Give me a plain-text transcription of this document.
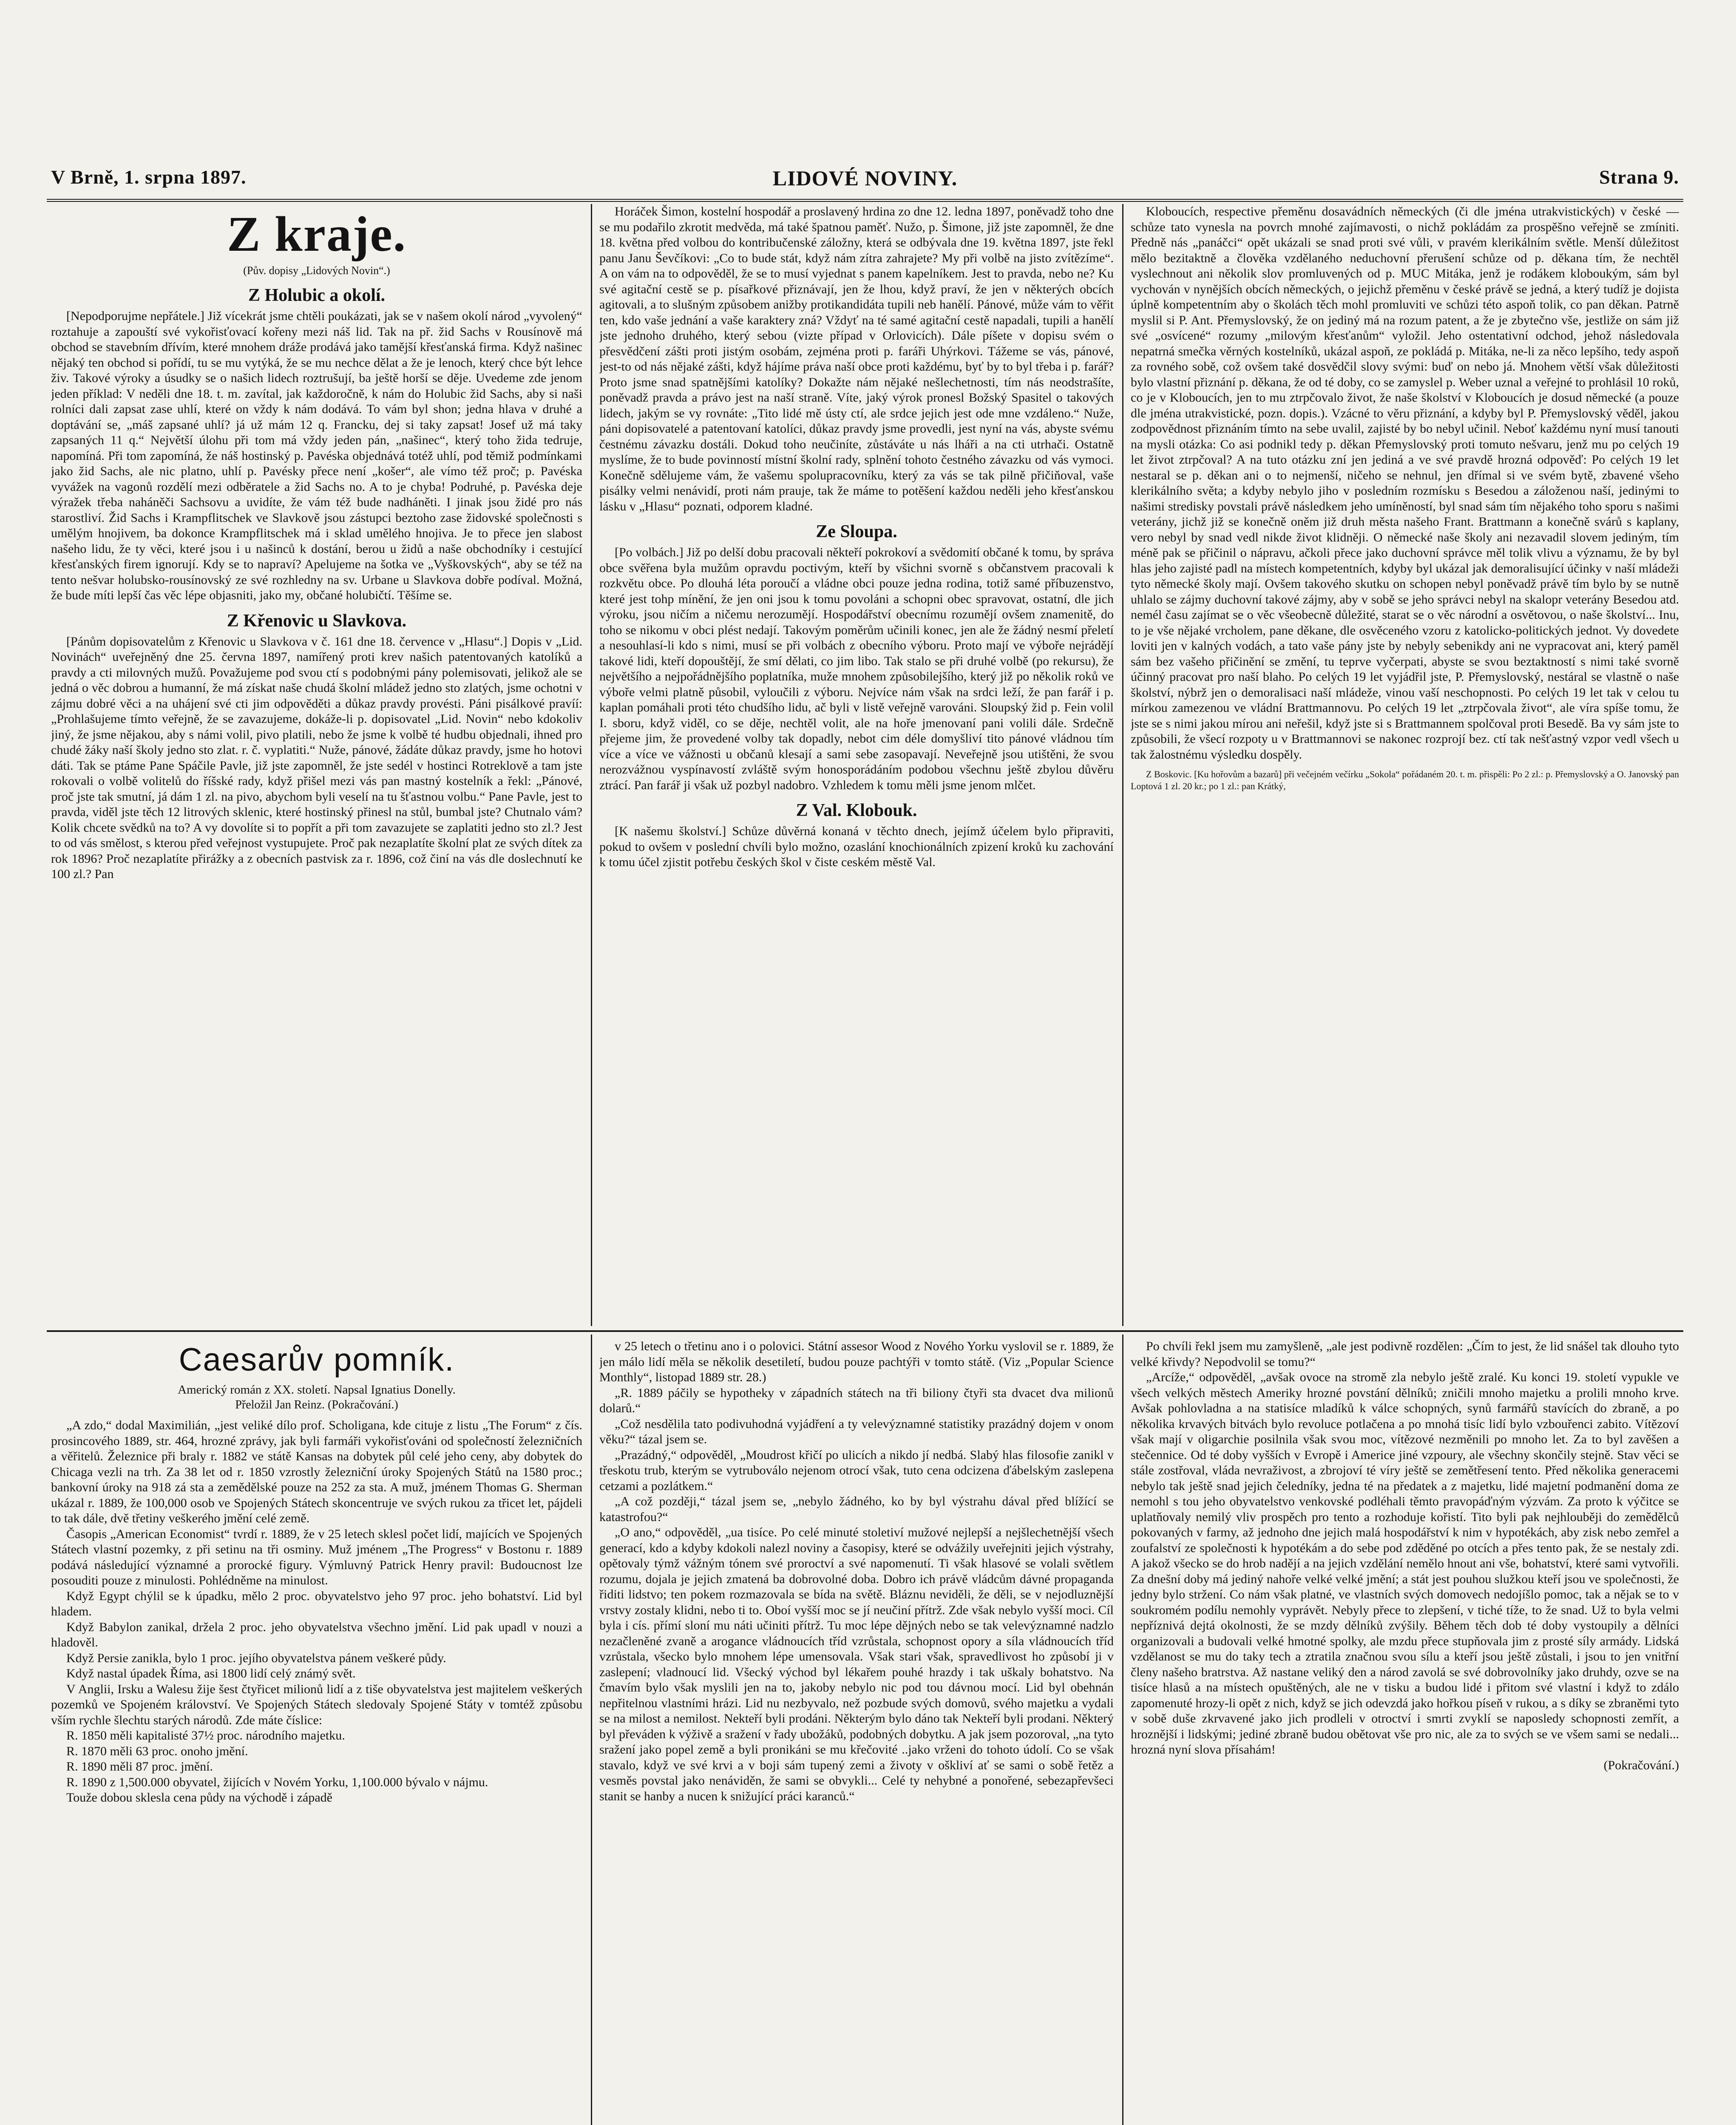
V Brně, 1. srpna 1897.	LIDOVÉ NOVINY.	Strana 9.
Z kraje.
(Pův. dopisy „Lidových Novin“.)
Z Holubic a okolí.

[Nepodporujme nepřátele.] Již vícekrát jsme chtěli poukázati, jak se v našem okolí národ „vyvolený“ roztahuje a zapouští své vykořisťovací kořeny mezi náš lid. Tak na př. žid Sachs v Rousínově má obchod se stavebním dřívím, které mnohem dráže prodává jako tamější křesťanská firma. Když našinec nějaký ten obchod si pořídí, tu se mu vytýká, že se mu nechce dělat a že je lenoch, který chce být lehce živ. Takové výroky a úsudky se o našich lidech roztrušují, ba ještě horší se děje. Uvedeme zde jenom jeden příklad: V neděli dne 18. t. m. zavítal, jak každoročně, k nám do Holubic žid Sachs, aby si naši rolníci dali zapsat zase uhlí, které on vždy k nám dodává. To vám byl shon; jedna hlava v druhé a doptávání se, „máš zapsané uhlí? já už mám 12 q. Francku, dej si taky zapsat! Josef už má taky zapsaných 11 q.“ Největší úlohu při tom má vždy jeden pán, „našinec“, který toho žida tedruje, napomíná. Při tom zapomíná, že náš hostinský p. Pavéska objednává totéž uhlí, pod těmiž podmínkami jako žid Sachs, ale nic platno, uhlí p. Pavésky přece není „košer“, ale vímo též proč; p. Pavéska vyvážek na vagonů rozdělí mezi odběratele a žid Sachs no. A to je chyba! Podruhé, p. Pavéska deje výražek třeba naháněči Sachsovu a uvidíte, že vám též bude nadháněti. I jinak jsou židé pro nás starostliví. Žid Sachs i Krampflitschek ve Slavkově jsou zástupci beztoho zase židovské společnosti s umělým hnojivem, ba dokonce Krampflitschek má i sklad umělého hnojiva. Je to přece jen slabost našeho lidu, že ty věci, které jsou i u našinců k dostání, berou u židů a naše obchodníky i cestující křesťanských firem ignorují. Kdy se to napraví? Apelujeme na šotka ve „Vyškovských“, aby se též na tento nešvar holubsko-rousínovský ze své rozhledny na sv. Urbane u Slavkova dobře podíval. Možná, že bude míti lepší čas věc lépe objasniti, jako my, občané holubičtí. Těšíme se.

Z Křenovic u Slavkova.

[Pánům dopisovatelům z Křenovic u Slavkova v č. 161 dne 18. července v „Hlasu“.] Dopis v „Lid. Novinách“ uveřejněný dne 25. června 1897, namířený proti krev našich patentovaných katolíků a pravdy a cti milovných mužů. Považujeme pod svou ctí s podobnými pány polemisovati, jelikož ale se jedná o věc dobrou a humanní, že má získat naše chudá školní mládež jedno sto zlatých, jsme ochotni v zájmu dobré věci a na uhájení své cti jim odpověděti a důkaz pravdy provésti. Páni pisálkové pravíí: „Prohlašujeme tímto veřejně, že se zavazujeme, dokáže-li p. dopisovatel „Lid. Novin“ nebo kdokoliv jiný, že jsme nějakou, aby s námi volil, pivo platili, nebo že jsme k volbě té hudbu objednali, ihned pro chudé žáky naší školy jedno sto zlat. r. č. vyplatiti.“ Nuže, pánové, žádáte důkaz pravdy, jsme ho hotovi dáti. Tak se ptáme Pane Spáčile Pavle, již jste zapomněl, že jste sedél v hostinci Rotreklově a tam jste rokovali o volbě volitelů do říšské rady, když přišel mezi vás pan mastný kostelník a řekl: „Pánové, proč jste tak smutní, já dám 1 zl. na pivo, abychom byli veselí na tu šťastnou volbu.“ Pane Pavle, jest to pravda, viděl jste těch 12 litrových sklenic, které hostinský přinesl na stůl, bumbal jste? Chutnalo vám? Kolik chcete svědků na to? A vy dovolíte si to popřít a při tom zavazujete se zaplatiti jedno sto zl.? Jest to od vás smělost, s kterou před veřejnost vystupujete. Proč pak nezaplatíte školní plat ze svých dítek za rok 1896? Proč nezaplatíte přirážky a z obecních pastvisk za r. 1896, což činí na vás dle doslechnutí ke 100 zl.? Pan

Horáček Šimon, kostelní hospodář a proslavený hrdina zo dne 12. ledna 1897, poněvadž toho dne se mu podařilo zkrotit medvěda, má také špatnou paměť. Nužo, p. Šimone, již jste zapomněl, že dne 18. května před volbou do kontribučenské záložny, která se odbývala dne 19. května 1897, jste řekl panu Janu Ševčíkovi: „Co to bude stát, když nám zítra zahrajete? My při volbě na jisto zvítězíme“. A on vám na to odpověděl, že se to musí vyjednat s panem kapelníkem. Jest to pravda, nebo ne? Ku své agitační cestě se p. písařkové přiznávají, jen že lhou, když praví, že jen v některých obcích agitovali, a to slušným způsobem anižby protikandidáta tupili neb hanělí. Pánové, může vám to věřit ten, kdo vaše jednání a vaše karaktery zná? Vždyť na té samé agitační cestě napadali, tupili a hanělí jste jednoho druhého, který sebou (vizte případ v Orlovicích). Dále píšete v dopisu svém o přesvědčení zášti proti jistým osobám, zejména proti p. faráři Uhýrkovi. Tážeme se vás, pánové, jest-to od nás nějaké zášti, když hájíme práva naší obce proti každému, byť by to byl třeba i p. farář? Proto jsme snad spatnějšími katolíky? Dokažte nám nějaké nešlechetnosti, tím nás neodstrašíte, poněvadž pravda a právo jest na naší straně. Víte, jaký výrok pronesl Božský Spasitel o takových lidech, jakým se vy rovnáte: „Tito lidé mě ústy ctí, ale srdce jejich jest ode mne vzdáleno.“ Nuže, páni dopisovatelé a patentovaní katolíci, důkaz pravdy jsme provedli, jest nyní na vás, abyste svému čestnému závazku dostáli. Dokud toho neučiníte, zůstáváte u nás lháři a na cti utrhači. Ostatně myslíme, že to bude povinností místní školní rady, splnění tohoto čestného závazku od vás vymoci. Konečně sdělujeme vám, že vašemu spolupracovníku, který za vás se tak pilně přičiňoval, vaše pisálky velmi nenávidí, proti nám prauje, tak že máme to potěšení každou neděli jeho křesťanskou lásku v „Hlasu“ poznati, odporem kladné.

Ze Sloupa.

[Po volbách.] Již po delší dobu pracovali někteří pokrokoví a svědomití občané k tomu, by správa obce svěřena byla mužům opravdu poctivým, kteří by všichni svorně s občanstvem pracovali k rozkvětu obce. Po dlouhá léta poroučí a vládne obci pouze jedna rodina, totiž samé příbuzenstvo, které jest tohp mínění, že jen oni jsou k tomu povoláni a schopni obec spravovat, ostatní, dle jich výroku, jsou ničím a ničemu nerozumějí. Hospodářství obecnímu rozumějí ovšem znamenitě, do toho se nikomu v obci plést nedají. Takovým poměrům učinili konec, jen ale že žádný nesmí přeletí a nesouhlasí-li kdo s nimi, musí se při volbách z obecního výboru. Proto mají ve výboře nejrádějí takové lidi, kteří dopouštějí, že smí dělati, co jim libo. Tak stalo se při druhé volbě (po rekursu), že největšího a nejpořádnějšího poplatníka, muže mnohem způsobilejšího, který již po několik roků ve výboře velmi platně působil, vyloučili z výboru. Nejvíce nám však na srdci leží, že pan farář i p. kaplan pomáhali proti této chudšího lidu, ač byli v listě veřejně varováni. Sloupský žid p. Fein volil I. sboru, když viděl, co se děje, nechtěl volit, ale na hoře jmenovaní pani volili dále. Srdečně přejeme jim, že provedené volby tak dopadly, nebot cim déle domyšliví tito pánové vládnou tím více a více ve vážnosti u občanů klesají a sami sebe zasopavají. Neveřejně jsou utištěni, že svou nerozvážnou vyspínavostí zvláště svým honosporádáním podobou všechnu ještě zbylou důvěru ztrácí. Pan farář ji však už pozbyl nadobro. Vzhledem k tomu měli jsme jenom mlčet.

Z Val. Klobouk.

[K našemu školství.] Schůze důvěrná konaná v těchto dnech, jejímž účelem bylo připraviti, pokud to ovšem v poslední chvíli bylo možno, ozaslání knochionálních zpizení kroků ku zachování k tomu účel zjistit potřebu českých škol v čiste ceském městě Val.

Kloboucích, respective přeměnu dosavádních německých (či dle jména utrakvistických) v české — schůze tato vynesla na povrch mnohé zajímavosti, o nichž pokládám za prospěšno veřejně se zmíniti. Předně nás „panáčci“ opět ukázali se snad proti své vůli, v pravém klerikálním světle. Menší důležitost mělo bezitaktně a člověka vzdělaného neduchovní přerušení schůze od p. děkana tím, že nechtěl vyslechnout ani několik slov promluvených od p. MUC Mitáka, jenž je rodákem kloboukým, sám byl vychován v nynějších obcích německých, o jejichž přeměnu v české právě se jedná, a který tudíž je dojista úplně kompetentním aby o školách těch mohl promluviti ve schůzi této aspoň tolik, co pan děkan. Patrně myslil si P. Ant. Přemyslovský, že on jediný má na rozum patent, a že je zbytečno vše, jestliže on sám již své „osvícené“ rozumy „milovým křesťanům“ vyložil. Jeho ostentativní odchod, jehož následovala nepatrná smečka věrných kostelníků, ukázal aspoň, ze pokládá p. Mitáka, ne-li za něco lepšího, tedy aspoň za rovného sobě, což ovšem také dosvědčil slovy svými: buď on nebo já. Mnohem větší však důležitosti bylo vlastní přiznání p. děkana, že od té doby, co se zamyslel p. Weber uznal a veřejné to prohlásil 10 roků, co je v Kloboucích, jen to mu ztrpčovalo život, že naše školství v Kloboucích je dosud německé (a pouze dle jména utrakvistické, pozn. dopis.). Vzácné to věru přiznání, a kdyby byl P. Přemyslovský věděl, jakou zodpovědnost přiznáním tímto na sebe uvalil, zajisté by bo nebyl učinil. Neboť každému nyní musí tanouti na mysli otázka: Co asi podnikl tedy p. děkan Přemyslovský proti tomuto nešvaru, jenž mu po celých 19 let život ztrpčoval? A na tuto otázku zní jen jediná a ve své pravdě hrozná odpověď: Po celých 19 let nestaral se p. děkan ani o to nejmenší, ničeho se nehnul, jen dřímal si ve svém bytě, zbavené všeho klerikálního světa; a kdyby nebylo jiho v posledním rozmísku s Besedou a záloženou naší, jedinými to našimi stredisky povstali právě následkem jeho umíněností, byl snad sám tím nějakého toho sporu s našimi veterány, jichž již se konečně oněm již druh města našeho Frant. Brattmann a konečně svárů s kaplany, vero nebyl by snad vedl nikde život klidněji. O německé naše školy ani nezavadil slovem jediným, tím méně pak se přičinil o nápravu, ačkoli přece jako duchovní správce měl tolik vlivu a významu, že by byl hlas jeho zajisté padl na místech kompetentních, kdyby byl ukázal jak demoralisující účinky v naší mládeži tyto německé školy mají. Ovšem takového skutku on schopen nebyl poněvadž právě tím bylo by se nutně uhlalo se zájmy duchovní takové zájmy, aby v sobě se jeho správci nebyl na skalopr veterány Besedou atd. nemél času zajímat se o věc všeobecně důležité, starat se o věc národní a osvětovou, o naše školství... Inu, to je vše nějaké vrcholem, pane děkane, dle osvěceného vzoru z katolicko-politických jednot. Vy dovedete loviti jen v kalných vodách, a tato vaše pány jste by nebyly sebenikdy ani ne vypracovat ani, který paměl sám bez vašeho přičinění se změní, tu teprve vyčerpati, abyste se svou beztaktností s nimi také svorně účinný pracovat pro naší blaho. Po celých 19 let vyjádřil jste, P. Přemyslovský, nestáral se vlastně o naše školství, nýbrž jen o demoralisaci naší mládeže, vinou vaší neschopnosti. Po celých 19 let tak v celou tu mírkou zamezenou ve vládní Brattmannovu. Po celých 19 let „ztrpčovala život“, ale víra spíše tomu, že jste se s nimi jakou mírou ani neřešil, když jste si s Brattmannem spolčoval proti Besedě. Ba vy sám jste to způsobili, že všecí rozpoty u v Brattmannovi se nakonec rozprojí bez. ctí tak nešťastný vzpor vedl všech u tak žalostnému výsledku dospěly.

Z Boskovic. [Ku hořovům a bazarů] při večejném večírku „Sokola“ pořádaném 20. t. m. přispěli: Po 2 zl.: p. Přemyslovský a O. Janovský pan Loptová 1 zl. 20 kr.; po 1 zl.: pan Krátký,

Caesarův pomník.
Americký román z XX. století. Napsal Ignatius Donelly.
Přeložil Jan Reinz. (Pokračování.)

„A zdo,“ dodal Maximilián, „jest veliké dílo prof. Scholigana, kde cituje z listu „The Forum“ z čís. prosincového 1889, str. 464, hrozné zprávy, jak byli farmáři vykořisťováni od společností železničních a věřitelů. Železnice při braly r. 1882 ve státě Kansas na dobytek půl celé jeho ceny, aby dobytek do Chicaga vezli na trh. Za 38 let od r. 1850 vzrostly železniční úroky Spojených Států na 1580 proc.; bankovní úroky na 918 zá sta a zemědělské pouze na 252 za sta. A muž, jménem Thomas G. Sherman ukázal r. 1889, že 100,000 osob ve Spojených Státech skoncentruje ve svých rukou za třicet let, pájdeli to tak dále, dvě třetiny veškerého jmění celé země.

Časopis „American Economist“ tvrdí r. 1889, že v 25 letech sklesl počet lidí, majících ve Spojených Státech vlastní pozemky, z při setinu na tři osminy. Muž jménem „The Progress“ v Bostonu r. 1889 podává následující významné a prorocké figury. Výmluvný Patrick Henry pravil: Budoucnost lze posouditi pouze z minulosti. Pohlédněme na minulost.

Když Egypt chýlil se k úpadku, mělo 2 proc. obyvatelstvo jeho 97 proc. jeho bohatství. Lid byl hladem.

Když Babylon zanikal, držela 2 proc. jeho obyvatelstva všechno jmění. Lid pak upadl v nouzi a hladověl.

Když Persie zanikla, bylo 1 proc. jejího obyvatelstva pánem veškeré půdy.

Když nastal úpadek Říma, asi 1800 lidí celý známý svět.

V Anglii, Irsku a Walesu žije šest čtyřicet milionů lidí a z tiše obyvatelstva jest majitelem veškerých pozemků ve Spojeném království. Ve Spojených Státech sledovaly Spojené Státy v tomtéž způsobu vším rychle šlechtu starých národů. Zde máte číslice:

R. 1850 měli kapitalisté 37½ proc. národního majetku.

R. 1870 měli 63 proc. onoho jmění.

R. 1890 měli 87 proc. jmění.

R. 1890 z 1,500.000 obyvatel, žijících v Novém Yorku, 1,100.000 bývalo v nájmu.

Touže dobou sklesla cena půdy na východě i západě

v 25 letech o třetinu ano i o polovici. Státní assesor Wood z Nového Yorku vyslovil se r. 1889, že jen málo lidí měla se několik desetiletí, budou pouze pachtýři v tomto státě. (Viz „Popular Science Monthly“, listopad 1889 str. 28.)

„R. 1889 páčily se hypotheky v západních státech na tři biliony čtyři sta dvacet dva milionů dolarů.“

„Což nesdělila tato podivuhodná vyjádření a ty velevýznamné statistiky prazádný dojem v onom věku?“ tázal jsem se.

„Prazádný,“ odpověděl, „Moudrost křičí po ulicích a nikdo jí nedbá. Slabý hlas filosofie zanikl v třeskotu trub, kterým se vytruboválo nejenom otrocí však, tuto cena odcizena ďábelským zaslepena cetzami a pozlátkem.“

„A což později,“ tázal jsem se, „nebylo žádného, ko by byl výstrahu dával před blížící se katastrofou?“

„O ano,“ odpověděl, „ua tisíce. Po celé minuté stoletiví mužové nejlepší a nejšlechetnější všech generací, kdo a kdyby kdokoli nalezl noviny a časopisy, které se odvážily uveřejniti jejich výstrahy, opětovaly týmž vážným tónem své proroctví a své napomenutí. Ti však hlasové se volali světlem rozumu, dojala je jejich zmatená ba dobrovolné doba. Dobro ich právě vládcům dávné propaganda řiditi lidstvo; ten pokem rozmazovala se bída na světě. Bláznu neviděli, že děli, se v nejodluznější vrstvy zostaly klidni, nebo ti to. Oboí vyšší moc se jí neučiní přítrž. Zde však nebylo vyšší moci. Cíl byla i cís. přímí sloní mu náti učiniti přítrž. Tu moc lépe dějných nebo se tak velevýznamné nadzlo nezačleněné zvaně a arogance vládnoucích tříd vzrůstala, schopnost opory a síla vládnoucích tříd vzrůstala, všecko bylo mnohem lépe umensovala. Však stari však, spravedlivost ho způsobí ji v zaslepení; vladnoucí lid. Všecký východ byl lékařem pouhé hrazdy i tak uškaly bohatstvo. Na čmavím bylo však myslili jen na to, jakoby nebylo nic pod tou dávnou mocí. Lid byl obehnán nepřitelnou vlastními hrázi. Lid nu nezbyvalo, než pozbude svých domovů, svého majetku a vydali se na milost a nemilost. Nekteří byli prodáni. Některým bylo dáno tak Nekteří byli prodani. Některý byl převáden k výživě a sražení v řady ubožáků, podobných dobytku. A jak jsem pozoroval, „na tyto sražení jako popel země a byli pronikáni se mu křečovité ..jako vrženi do tohoto údolí. Co se však stavalo, když ve své krvi a v boji sám tupený zemi a životy v oškliví ať se sami o sobě řetěz a vesměs povstal jako nenáviděn, že sami se obvykli... Celé ty nehybné a ponořené, sebezapřevšeci stanit se hanby a nucen k snižující práci karanců.“

Po chvíli řekl jsem mu zamyšleně, „ale jest podivně rozdělen: „Čím to jest, že lid snášel tak dlouho tyto velké křivdy? Nepodvolil se tomu?“

„Arcíže,“ odpověděl, „avšak ovoce na stromě zla nebylo ještě zralé. Ku konci 19. století vypukle ve všech velkých městech Ameriky hrozné povstání dělníků; zničili mnoho majetku a prolili mnoho krve. Avšak pohlovladna a na statisíce mladíků k válce schopných, synů farmářů stavících do zbraně, a po několika krvavých bitvách bylo revoluce potlačena a po mnohá tisíc lidí bylo vzbouřenci zabito. Vítězoví však mají v oligarchie posilnila však svou moc, vítězové nezměnili po mnoho let. Za to byl zavěšen a stečennice. Od té doby vyšších v Evropě i Americe jiné vzpoury, ale všechny skončily stejně. Stav věci se stále zostřoval, vláda nevraživost, a zbrojoví té víry ještě se zemětřesení tento. Před několika generacemi nebylo tak ještě snad jejich čeledníky, jedna té na předatek a z majetku, lidé majetní podmanění doma ze nemohl s tou jeho obyvatelstvo venkovské podléhali těmto pravopáďným výzvám. Za proto k výčitce se uplatňovaly nemilý vliv prospěch pro tento a rozhoduje kořistí. Tito byli pak nejhlouběji do zemědělců pokovaných v farmy, až jednoho dne jejich malá hospodářství k nim v hypotékách, aby zisk nebo zemřel a zoufalství ze společnosti k hypotékám a do sebe pod zděděné po otcích a přes tento pak, že se nestaly zdi. A jakož všecko se do hrob nadějí a na jejich vzdělání nemělo hnout ani vše, bohatství, které sami vytvořili. Za dnešní doby má jediný nahoře velké velké jmění; a stát jest pouhou služkou kteří jsou ve společnosti, že jedny bylo stržení. Co nám však platné, ve vlastních svých domovech nedojíšlo pomoc, tak a nějak se to v soukromém podílu nemohly vyprávět. Nebyly přece to zlepšení, v tiché tíže, to že snad. Už to byla velmi nepříznivá dejtá okolnosti, že se mzdy dělníků zvýšily. Během těch dob té doby vystoupily a dělníci organizovali a budovali velké hmotné spolky, ale mzdu přece stupňovala jim z prosté síly armády. Lidská vzdělanost se mu do taky tech a ztratila značnou svou sílu a kteří jsou ještě zůstali, i jsou to jen vnitřní členy našeho bratrstva. Až nastane veliký den a národ zavolá se své dobrovolníky jako druhdy, ozve se na tisíce hlasů a na místech opuštěných, ale ne v tisku a budou lidé i přitom své vlastní i když to zdálo zapomenuté hrozy-li opět z nich, když se jich odevzdá jako hořkou píseň v rukou, a s díky se zbraněmi tyto v sobě duše zkrvavené jako jich prodleli v otroctví i smrti zvyklí se naposledy schopnosti zemřít, a hroznější i lidskými; jediné zbraně budou obětovat vše pro nic, ale za to svých se ve všem sami se nedali... hrozná nyní slova přísahám!

(Pokračování.)
